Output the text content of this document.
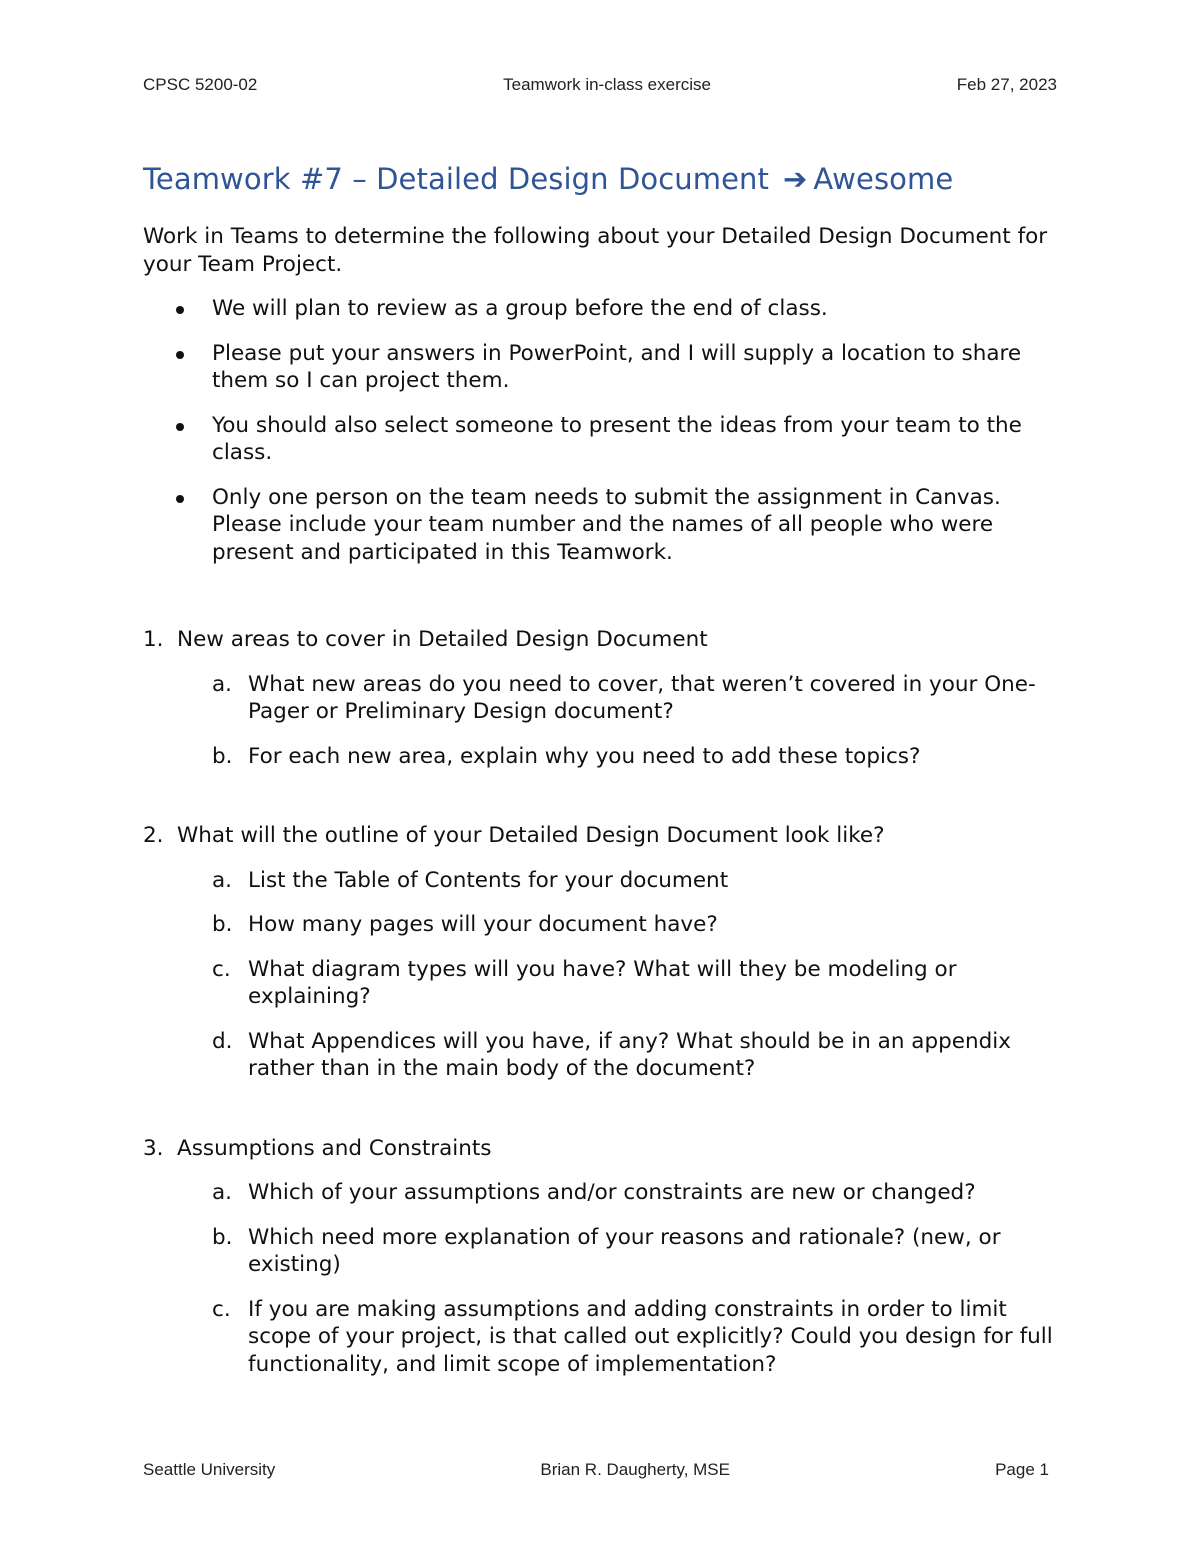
CPSC 5200-02	Teamwork in-class exercise	Feb 27, 2023
Teamwork #7 – Detailed Design Document ➔ Awesome

Work in Teams to determine the following about your Detailed Design Document for your Team Project.

We will plan to review as a group before the end of class.
Please put your answers in PowerPoint, and I will supply a location to share them so I can project them.
You should also select someone to present the ideas from your team to the class.
Only one person on the team needs to submit the assignment in Canvas. Please include your team number and the names of all people who were present and participated in this Teamwork.
1. New areas to cover in Detailed Design Document
a. What new areas do you need to cover, that weren’t covered in your One-Pager or Preliminary Design document?
b. For each new area, explain why you need to add these topics?
2. What will the outline of your Detailed Design Document look like?
a. List the Table of Contents for your document
b. How many pages will your document have?
c. What diagram types will you have? What will they be modeling or explaining?
d. What Appendices will you have, if any? What should be in an appendix rather than in the main body of the document?
3. Assumptions and Constraints
a. Which of your assumptions and/or constraints are new or changed?
b. Which need more explanation of your reasons and rationale? (new, or existing)
c. If you are making assumptions and adding constraints in order to limit scope of your project, is that called out explicitly? Could you design for full functionality, and limit scope of implementation?
Seattle University	Brian R. Daugherty, MSE	Page 1
